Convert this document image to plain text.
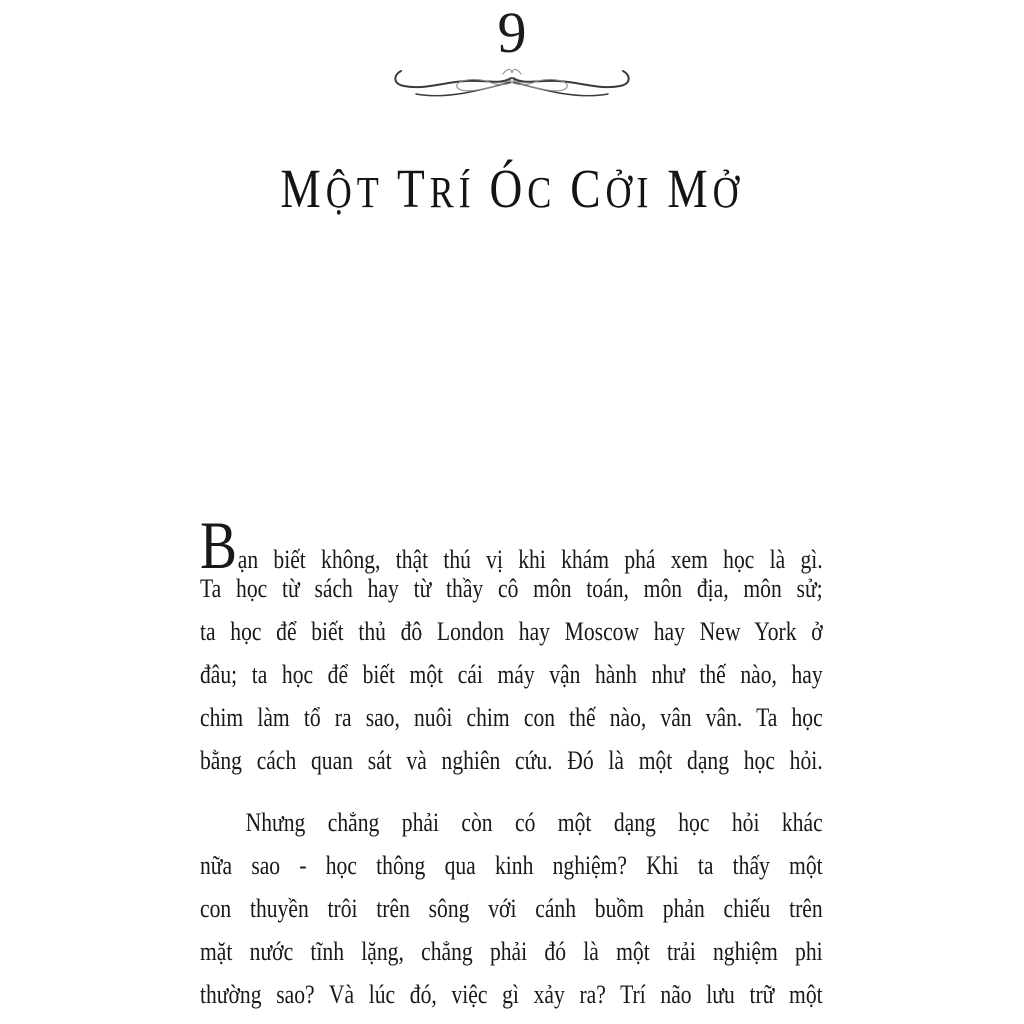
9
MỘT TRÍ ÓC CỞI MỞ
Bạn biết không, thật thú vị khi khám phá xem học là gì.
Ta học từ sách hay từ thầy cô môn toán, môn địa, môn sử;
ta học để biết thủ đô London hay Moscow hay New York ở
đâu; ta học để biết một cái máy vận hành như thế nào, hay
chim làm tổ ra sao, nuôi chim con thế nào, vân vân. Ta học
bằng cách quan sát và nghiên cứu. Đó là một dạng học hỏi.
Nhưng chẳng phải còn có một dạng học hỏi khác
nữa sao - học thông qua kinh nghiệm? Khi ta thấy một
con thuyền trôi trên sông với cánh buồm phản chiếu trên
mặt nước tĩnh lặng, chẳng phải đó là một trải nghiệm phi
thường sao? Và lúc đó, việc gì xảy ra? Trí não lưu trữ một
